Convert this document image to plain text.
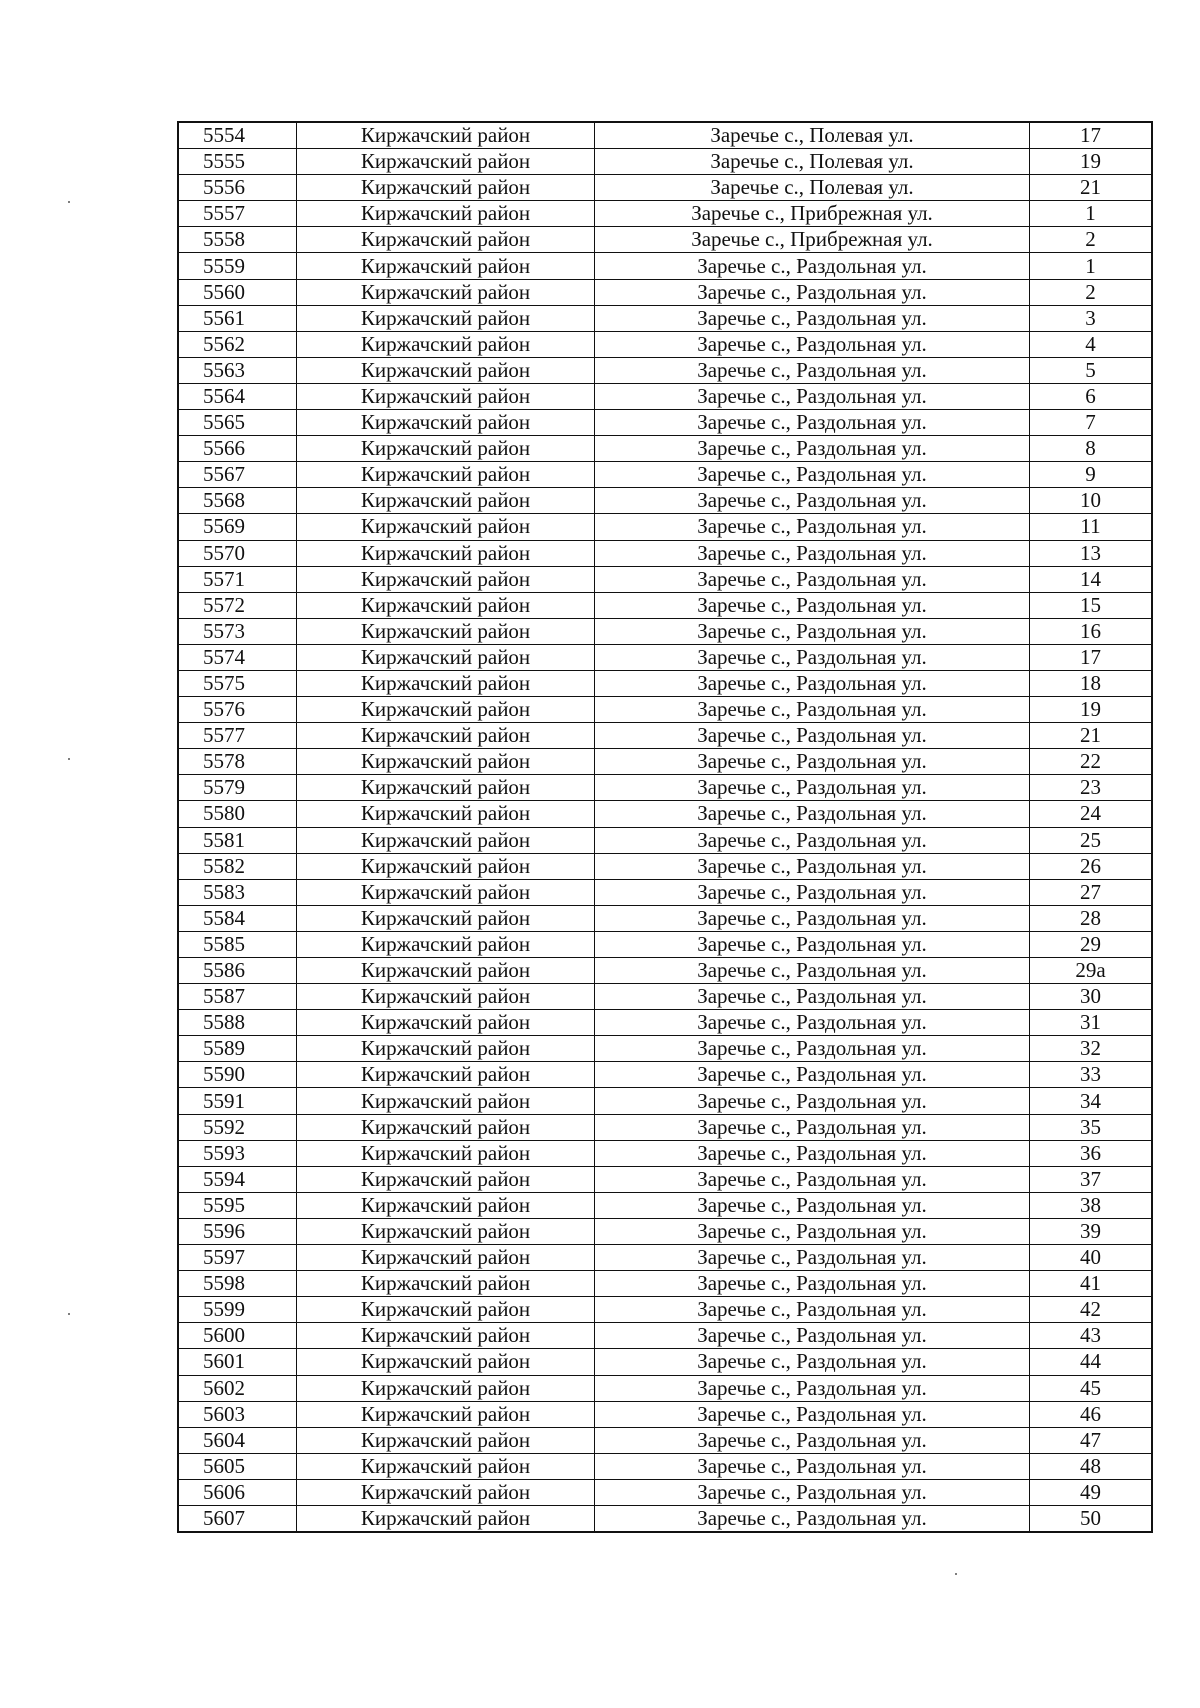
5554	Киржачский район	Заречье с., Полевая ул.	17
5555	Киржачский район	Заречье с., Полевая ул.	19
5556	Киржачский район	Заречье с., Полевая ул.	21
5557	Киржачский район	Заречье с., Прибрежная ул.	1
5558	Киржачский район	Заречье с., Прибрежная ул.	2
5559	Киржачский район	Заречье с., Раздольная ул.	1
5560	Киржачский район	Заречье с., Раздольная ул.	2
5561	Киржачский район	Заречье с., Раздольная ул.	3
5562	Киржачский район	Заречье с., Раздольная ул.	4
5563	Киржачский район	Заречье с., Раздольная ул.	5
5564	Киржачский район	Заречье с., Раздольная ул.	6
5565	Киржачский район	Заречье с., Раздольная ул.	7
5566	Киржачский район	Заречье с., Раздольная ул.	8
5567	Киржачский район	Заречье с., Раздольная ул.	9
5568	Киржачский район	Заречье с., Раздольная ул.	10
5569	Киржачский район	Заречье с., Раздольная ул.	11
5570	Киржачский район	Заречье с., Раздольная ул.	13
5571	Киржачский район	Заречье с., Раздольная ул.	14
5572	Киржачский район	Заречье с., Раздольная ул.	15
5573	Киржачский район	Заречье с., Раздольная ул.	16
5574	Киржачский район	Заречье с., Раздольная ул.	17
5575	Киржачский район	Заречье с., Раздольная ул.	18
5576	Киржачский район	Заречье с., Раздольная ул.	19
5577	Киржачский район	Заречье с., Раздольная ул.	21
5578	Киржачский район	Заречье с., Раздольная ул.	22
5579	Киржачский район	Заречье с., Раздольная ул.	23
5580	Киржачский район	Заречье с., Раздольная ул.	24
5581	Киржачский район	Заречье с., Раздольная ул.	25
5582	Киржачский район	Заречье с., Раздольная ул.	26
5583	Киржачский район	Заречье с., Раздольная ул.	27
5584	Киржачский район	Заречье с., Раздольная ул.	28
5585	Киржачский район	Заречье с., Раздольная ул.	29
5586	Киржачский район	Заречье с., Раздольная ул.	29а
5587	Киржачский район	Заречье с., Раздольная ул.	30
5588	Киржачский район	Заречье с., Раздольная ул.	31
5589	Киржачский район	Заречье с., Раздольная ул.	32
5590	Киржачский район	Заречье с., Раздольная ул.	33
5591	Киржачский район	Заречье с., Раздольная ул.	34
5592	Киржачский район	Заречье с., Раздольная ул.	35
5593	Киржачский район	Заречье с., Раздольная ул.	36
5594	Киржачский район	Заречье с., Раздольная ул.	37
5595	Киржачский район	Заречье с., Раздольная ул.	38
5596	Киржачский район	Заречье с., Раздольная ул.	39
5597	Киржачский район	Заречье с., Раздольная ул.	40
5598	Киржачский район	Заречье с., Раздольная ул.	41
5599	Киржачский район	Заречье с., Раздольная ул.	42
5600	Киржачский район	Заречье с., Раздольная ул.	43
5601	Киржачский район	Заречье с., Раздольная ул.	44
5602	Киржачский район	Заречье с., Раздольная ул.	45
5603	Киржачский район	Заречье с., Раздольная ул.	46
5604	Киржачский район	Заречье с., Раздольная ул.	47
5605	Киржачский район	Заречье с., Раздольная ул.	48
5606	Киржачский район	Заречье с., Раздольная ул.	49
5607	Киржачский район	Заречье с., Раздольная ул.	50
